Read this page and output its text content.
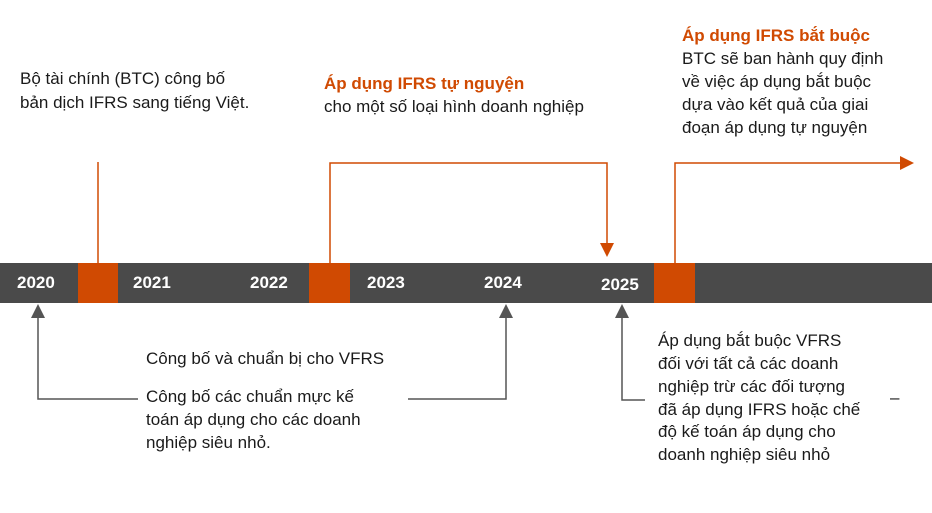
2020	2021	2022	2023	2024	2025
Bộ tài chính (BTC) công bố
bản dịch IFRS sang tiếng Việt.
Áp dụng IFRS tự nguyện
cho một số loại hình doanh nghiệp
Áp dụng IFRS bắt buộc
BTC sẽ ban hành quy định
về việc áp dụng bắt buộc
dựa vào kết quả của giai
đoạn áp dụng tự nguyện
Công bố và chuẩn bị cho VFRS
Công bố các chuẩn mực kế
toán áp dụng cho các doanh
nghiệp siêu nhỏ.
Áp dụng bắt buộc VFRS
đối với tất cả các doanh
nghiệp trừ các đối tượng
đã áp dụng IFRS hoặc chế
độ kế toán áp dụng cho
doanh nghiệp siêu nhỏ
–
